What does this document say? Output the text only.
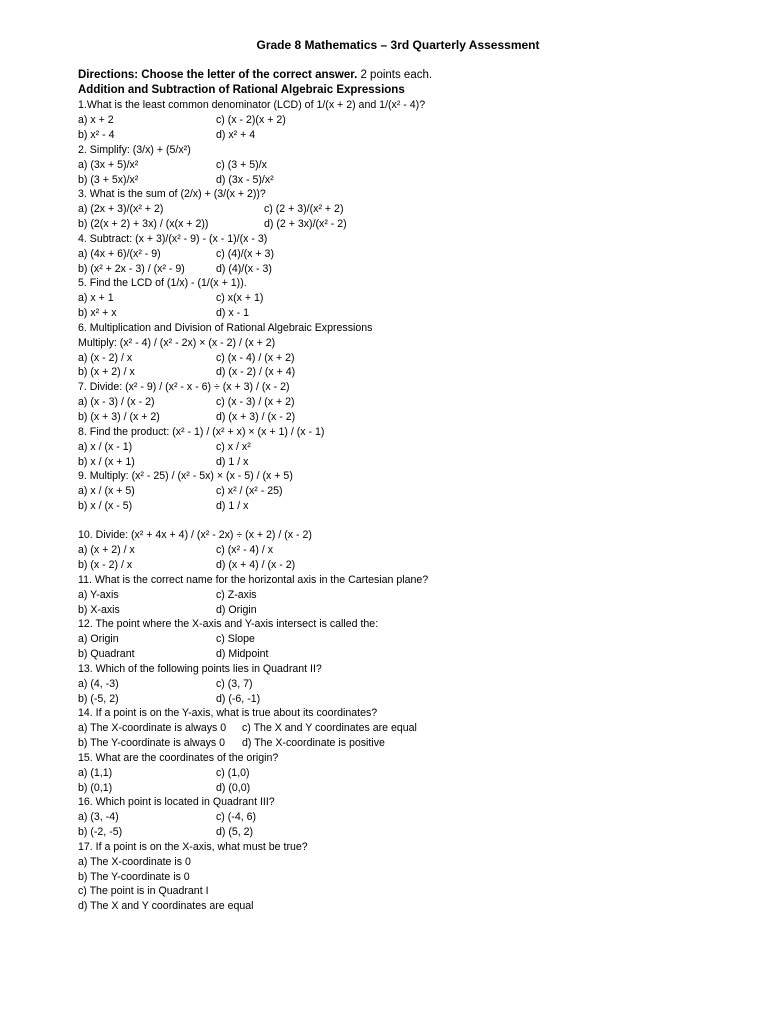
Grade 8 Mathematics – 3rd Quarterly Assessment
Directions: Choose the letter of the correct answer. 2 points each.
Addition and Subtraction of Rational Algebraic Expressions
1.What is the least common denominator (LCD) of 1/(x + 2) and 1/(x² - 4)?
a) x + 2	c) (x - 2)(x + 2)
b) x² - 4	d) x² + 4
2. Simplify: (3/x) + (5/x²)
a) (3x + 5)/x²	c) (3 + 5)/x
b) (3 + 5x)/x²	d) (3x - 5)/x²
3. What is the sum of (2/x) + (3/(x + 2))?
a) (2x + 3)/(x² + 2)	c) (2 + 3)/(x² + 2)
b) (2(x + 2) + 3x) / (x(x + 2))	d) (2 + 3x)/(x² - 2)
4. Subtract: (x + 3)/(x² - 9) - (x - 1)/(x - 3)
a) (4x + 6)/(x² - 9)	c) (4)/(x + 3)
b) (x² + 2x - 3) / (x² - 9)	d) (4)/(x - 3)
5. Find the LCD of (1/x) - (1/(x + 1)).
a) x + 1	c) x(x + 1)
b) x² + x	d) x - 1
6. Multiplication and Division of Rational Algebraic Expressions
Multiply: (x² - 4) / (x² - 2x) × (x - 2) / (x + 2)
a) (x - 2) / x	c) (x - 4) / (x + 2)
b) (x + 2) / x	d) (x - 2) / (x + 4)
7. Divide: (x² - 9) / (x² - x - 6) ÷ (x + 3) / (x - 2)
a) (x - 3) / (x - 2)	c) (x - 3) / (x + 2)
b) (x + 3) / (x + 2)	d) (x + 3) / (x - 2)
8. Find the product: (x² - 1) / (x² + x) × (x + 1) / (x - 1)
a) x / (x - 1)	c) x / x²
b) x / (x + 1)	d) 1 / x
9. Multiply: (x² - 25) / (x² - 5x) × (x - 5) / (x + 5)
a) x / (x + 5)	c) x² / (x² - 25)
b) x / (x - 5)	d) 1 / x
10. Divide: (x² + 4x + 4) / (x² - 2x) ÷ (x + 2) / (x - 2)
a) (x + 2) / x	c) (x² - 4) / x
b) (x - 2) / x	d) (x + 4) / (x - 2)
11. What is the correct name for the horizontal axis in the Cartesian plane?
a) Y-axis	c) Z-axis
b) X-axis	d) Origin
12. The point where the X-axis and Y-axis intersect is called the:
a) Origin	c) Slope
b) Quadrant	d) Midpoint
13. Which of the following points lies in Quadrant II?
a) (4, -3)	c) (3, 7)
b) (-5, 2)	d) (-6, -1)
14. If a point is on the Y-axis, what is true about its coordinates?
a) The X-coordinate is always 0 c) The X and Y coordinates are equal
b) The Y-coordinate is always 0 d) The X-coordinate is positive
15. What are the coordinates of the origin?
a) (1,1)	c) (1,0)
b) (0,1)	d) (0,0)
16. Which point is located in Quadrant III?
a) (3, -4)	c) (-4, 6)
b) (-2, -5)	d) (5, 2)
17. If a point is on the X-axis, what must be true?
a) The X-coordinate is 0
b) The Y-coordinate is 0
c) The point is in Quadrant I
d) The X and Y coordinates are equal
